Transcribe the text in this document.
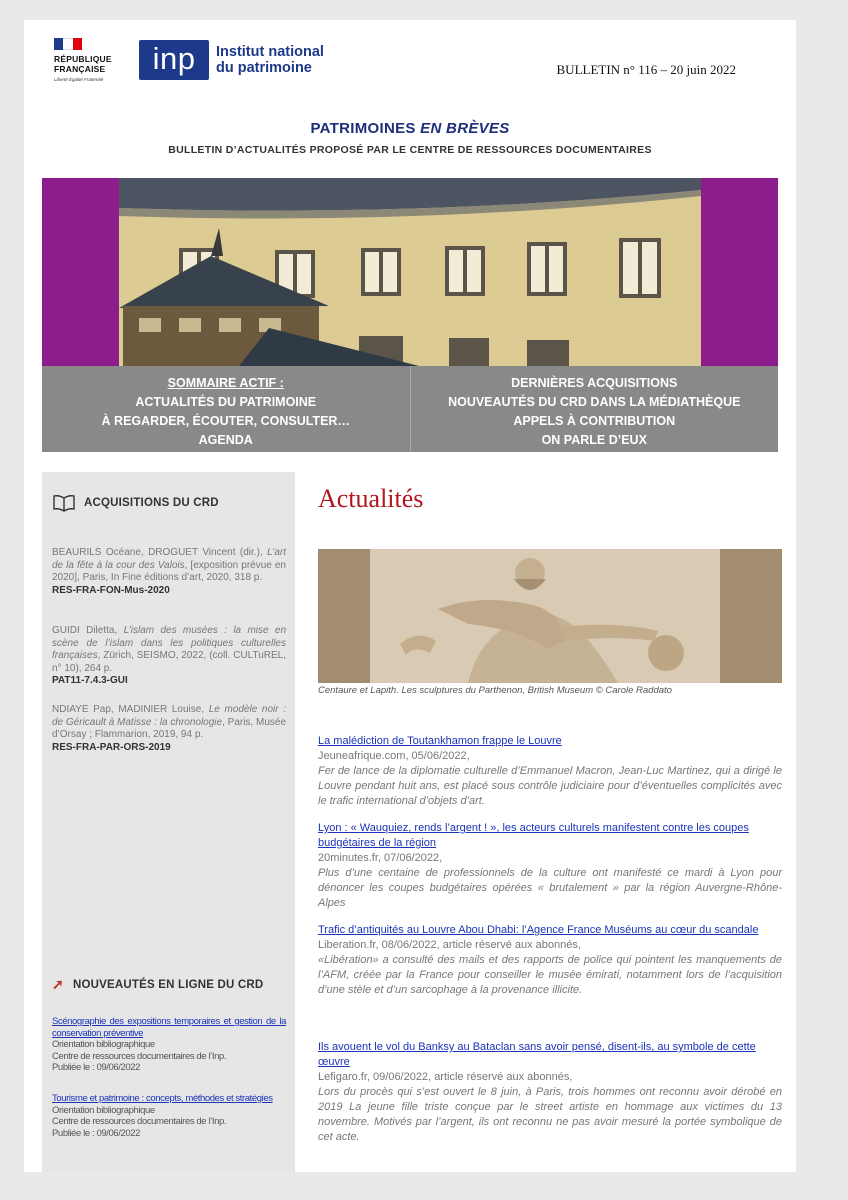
RÉPUBLIQUE FRANÇAISE
Liberté Égalité Fraternité
inp	Institut national
du patrimoine	BULLETIN n° 116 – 20 juin 2022
PATRIMOINES EN BRÈVES
BULLETIN D’ACTUALITÉS PROPOSÉ PAR LE CENTRE DE RESSOURCES DOCUMENTAIRES
SOMMAIRE ACTIF :
ACTUALITÉS DU PATRIMOINE
À REGARDER, ÉCOUTER, CONSULTER…
AGENDA
DERNIÈRES ACQUISITIONS
NOUVEAUTÉS DU CRD DANS LA MÉDIATHÈQUE
APPELS À CONTRIBUTION
ON PARLE D’EUX
ACQUISITIONS DU CRD
BEAURILS Océane, DROGUET Vincent (dir.), L’art de la fête à la cour des Valois, [exposition prévue en 2020], Paris, In Fine éditions d’art, 2020, 318 p.
RES-FRA-FON-Mus-2020
GUIDI Diletta, L’islam des musées : la mise en scène de l’islam dans les politiques culturelles françaises, Zürich, SEISMO, 2022, (coll. CULTuREL, n° 10), 264 p.
PAT11-7.4.3-GUI
NDIAYE Pap, MADINIER Louise, Le modèle noir : de Géricault à Matisse : la chronologie, Paris, Musée d’Orsay ; Flammarion, 2019, 94 p.
RES-FRA-PAR-ORS-2019
➚ NOUVEAUTÉS EN LIGNE DU CRD
Scénographie des expositions temporaires et gestion de la conservation préventive
Orientation bibliographique
Centre de ressources documentaires de l’Inp.
Publiée le : 09/06/2022
Tourisme et patrimoine : concepts, méthodes et stratégies
Orientation bibliographique
Centre de ressources documentaires de l’Inp.
Publiée le : 09/06/2022
Actualités
Centaure et Lapith. Les sculptures du Parthenon, British Museum © Carole Raddato
La malédiction de Toutankhamon frappe le Louvre
Jeuneafrique.com, 05/06/2022,
Fer de lance de la diplomatie culturelle d’Emmanuel Macron, Jean-Luc Martinez, qui a dirigé le Louvre pendant huit ans, est placé sous contrôle judiciaire pour d’éventuelles complicités avec le trafic international d’objets d’art.
Lyon : « Wauquiez, rends l’argent ! », les acteurs culturels manifestent contre les coupes budgétaires de la région
20minutes.fr, 07/06/2022,
Plus d’une centaine de professionnels de la culture ont manifesté ce mardi à Lyon pour dénoncer les coupes budgétaires opérées « brutalement » par la région Auvergne-Rhône-Alpes
Trafic d’antiquités au Louvre Abou Dhabi: l’Agence France Muséums au cœur du scandale
Liberation.fr, 08/06/2022, article réservé aux abonnés,
«Libération» a consulté des mails et des rapports de police qui pointent les manquements de l’AFM, créée par la France pour conseiller le musée émirati, notamment lors de l’acquisition d’une stèle et d’un sarcophage à la provenance illicite.
Ils avouent le vol du Banksy au Bataclan sans avoir pensé, disent-ils, au symbole de cette œuvre
Lefigaro.fr, 09/06/2022, article réservé aux abonnés,
Lors du procès qui s’est ouvert le 8 juin, à Paris, trois hommes ont reconnu avoir dérobé en 2019 La jeune fille triste conçue par le street artiste en hommage aux victimes du 13 novembre. Motivés par l’argent, ils ont reconnu ne pas avoir mesuré la portée symbolique de cet acte.
